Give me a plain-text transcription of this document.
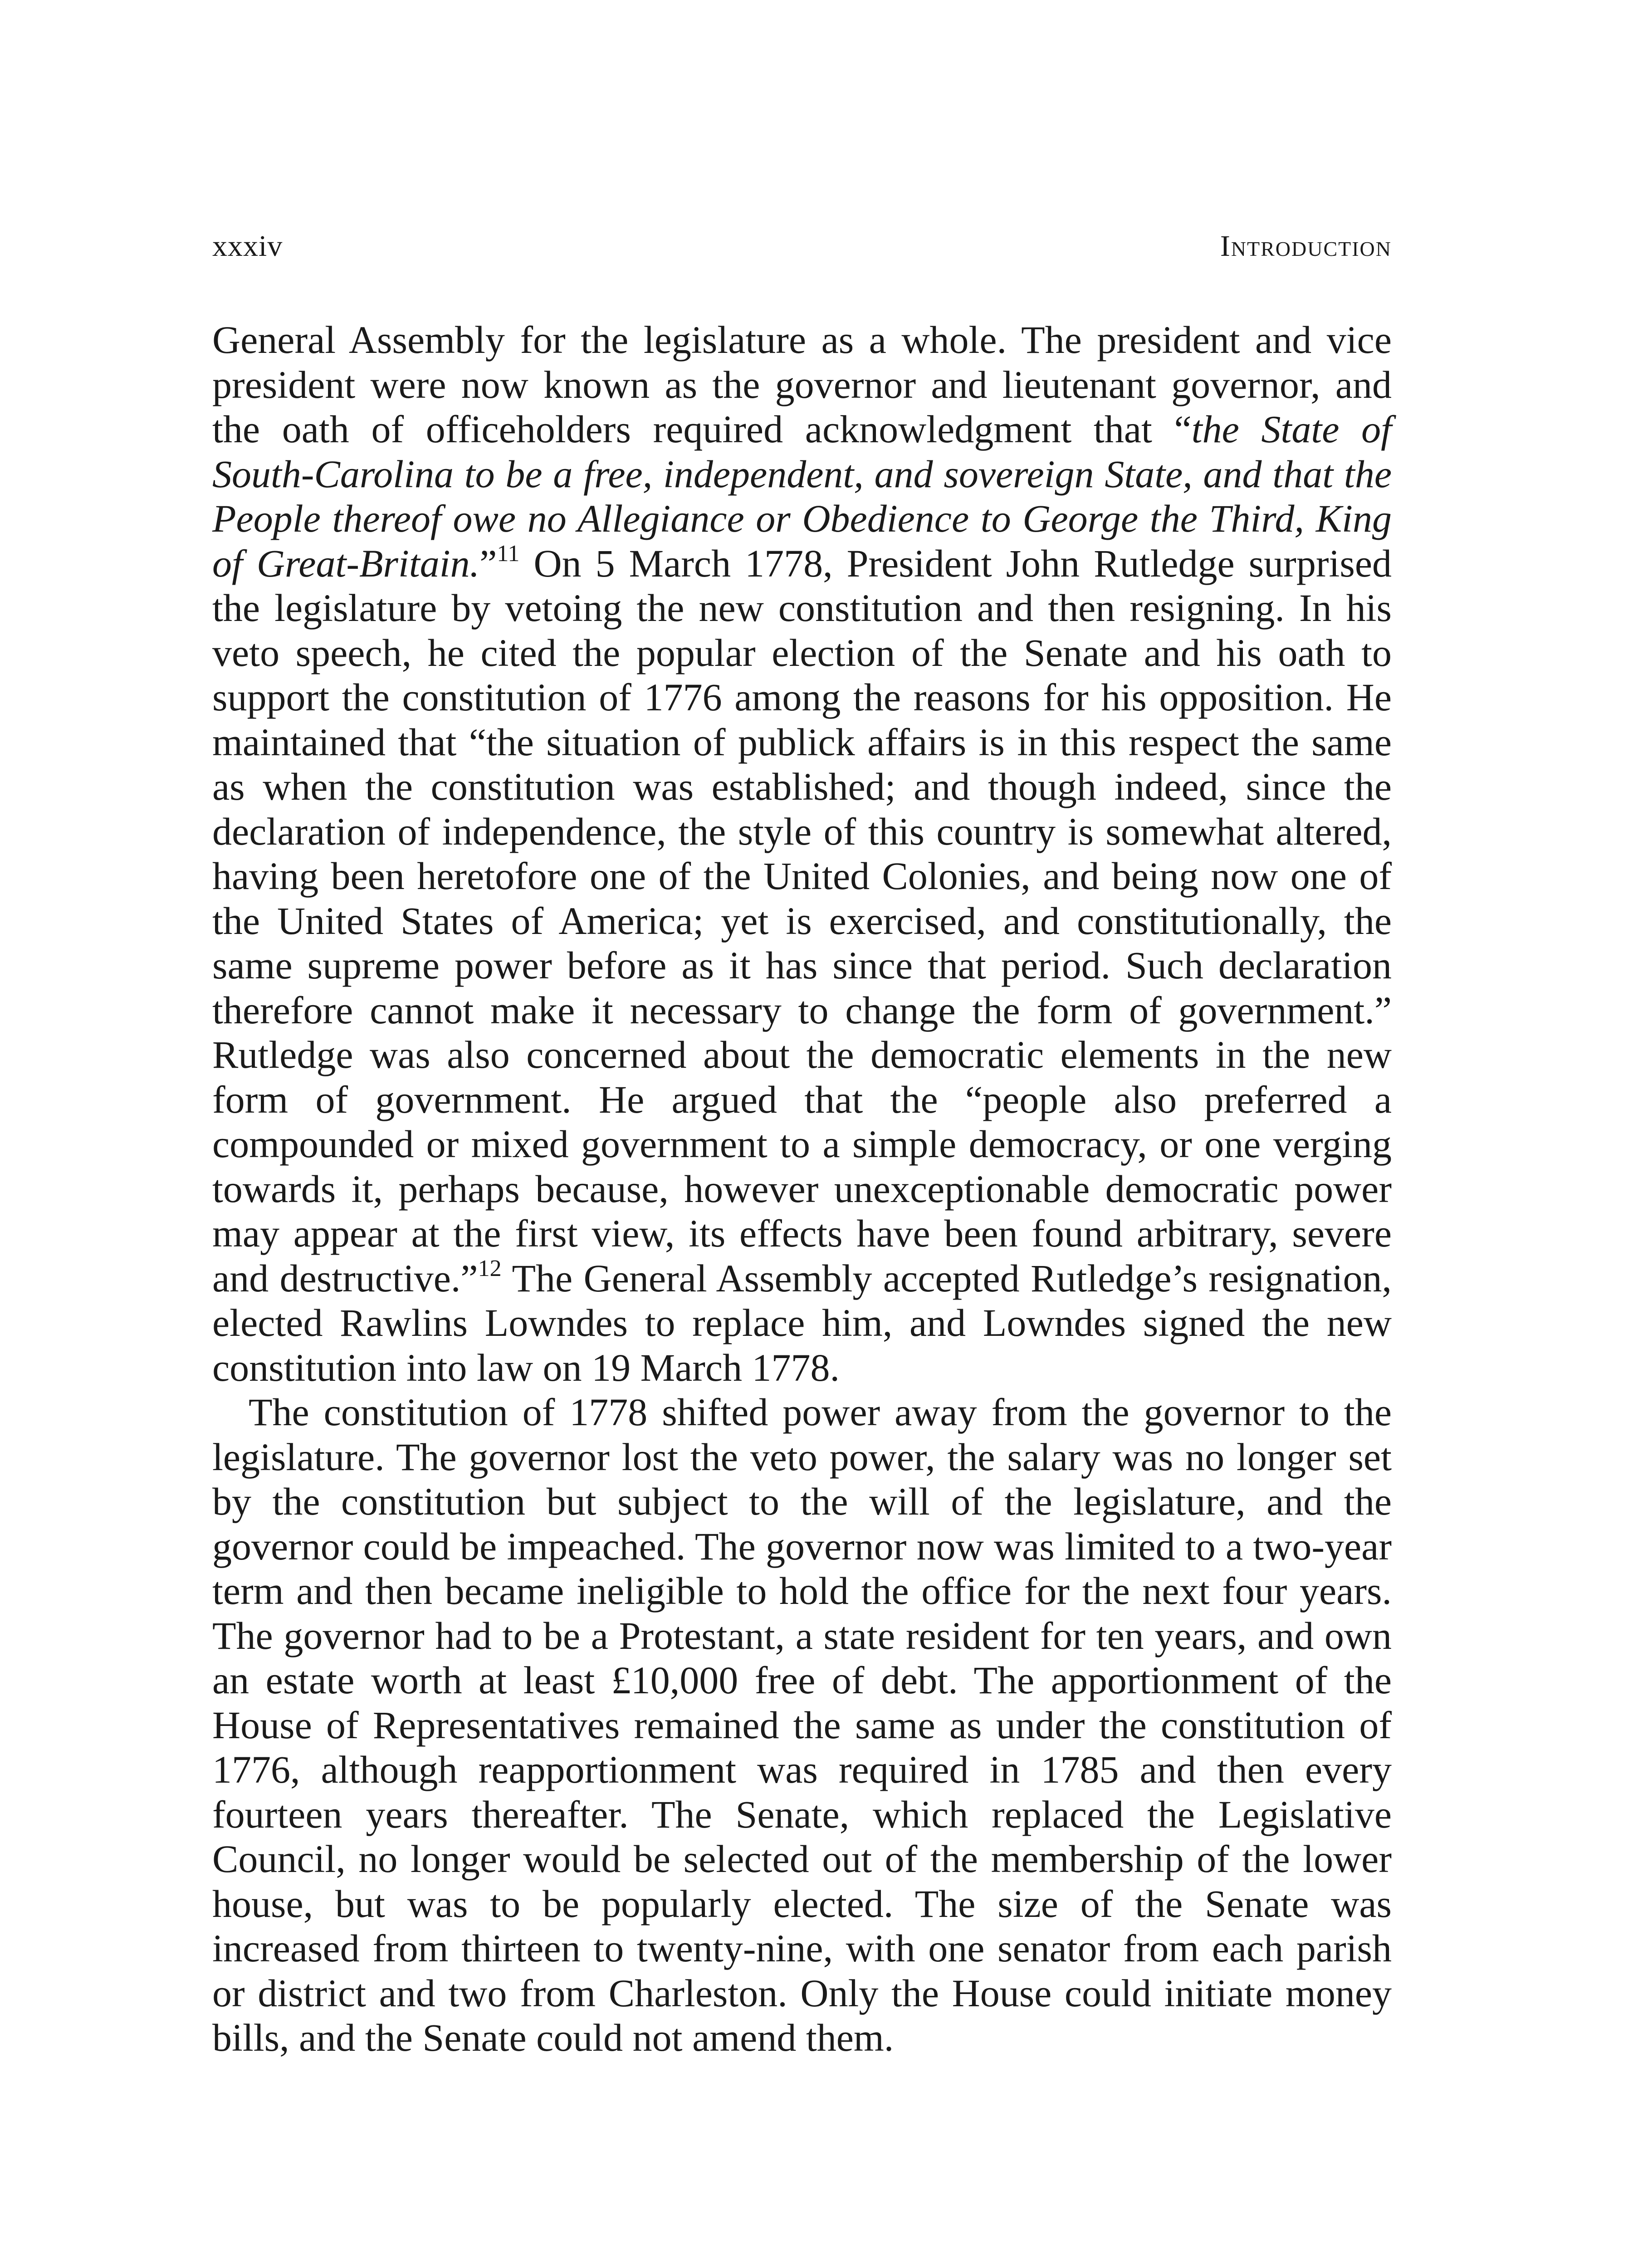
xxxiv	Introduction

General Assembly for the legislature as a whole. The president and vice president were now known as the governor and lieutenant governor, and the oath of officeholders required acknowledgment that “the State of South-Carolina to be a free, independent, and sovereign State, and that the People thereof owe no Allegiance or Obedience to George the Third, King of Great-Britain.”$^{11}$ On 5 March 1778, President John Rutledge surprised the legislature by vetoing the new constitution and then resigning. In his veto speech, he cited the popular election of the Senate and his oath to support the constitution of 1776 among the reasons for his opposition. He maintained that “the situation of publick affairs is in this respect the same as when the constitution was established; and though indeed, since the declaration of independence, the style of this country is somewhat altered, having been heretofore one of the United Colonies, and being now one of the United States of America; yet is exercised, and constitutionally, the same supreme power before as it has since that period. Such declaration therefore cannot make it necessary to change the form of government.” Rutledge was also concerned about the democratic elements in the new form of government. He argued that the “people also preferred a compounded or mixed government to a simple democracy, or one verging towards it, perhaps because, however unexceptionable democratic power may appear at the first view, its effects have been found arbitrary, severe and destructive.”$^{12}$ The General Assembly accepted Rutledge’s resignation, elected Rawlins Lowndes to replace him, and Lowndes signed the new constitution into law on 19 March 1778.

The constitution of 1778 shifted power away from the governor to the legislature. The governor lost the veto power, the salary was no longer set by the constitution but subject to the will of the legislature, and the governor could be impeached. The governor now was limited to a two-year term and then became ineligible to hold the office for the next four years. The governor had to be a Protestant, a state resident for ten years, and own an estate worth at least £10,000 free of debt. The apportionment of the House of Representatives remained the same as under the constitution of 1776, although reapportionment was required in 1785 and then every fourteen years thereafter. The Senate, which replaced the Legislative Council, no longer would be selected out of the membership of the lower house, but was to be popularly elected. The size of the Senate was increased from thirteen to twenty-nine, with one senator from each parish or district and two from Charleston. Only the House could initiate money bills, and the Senate could not amend them.
